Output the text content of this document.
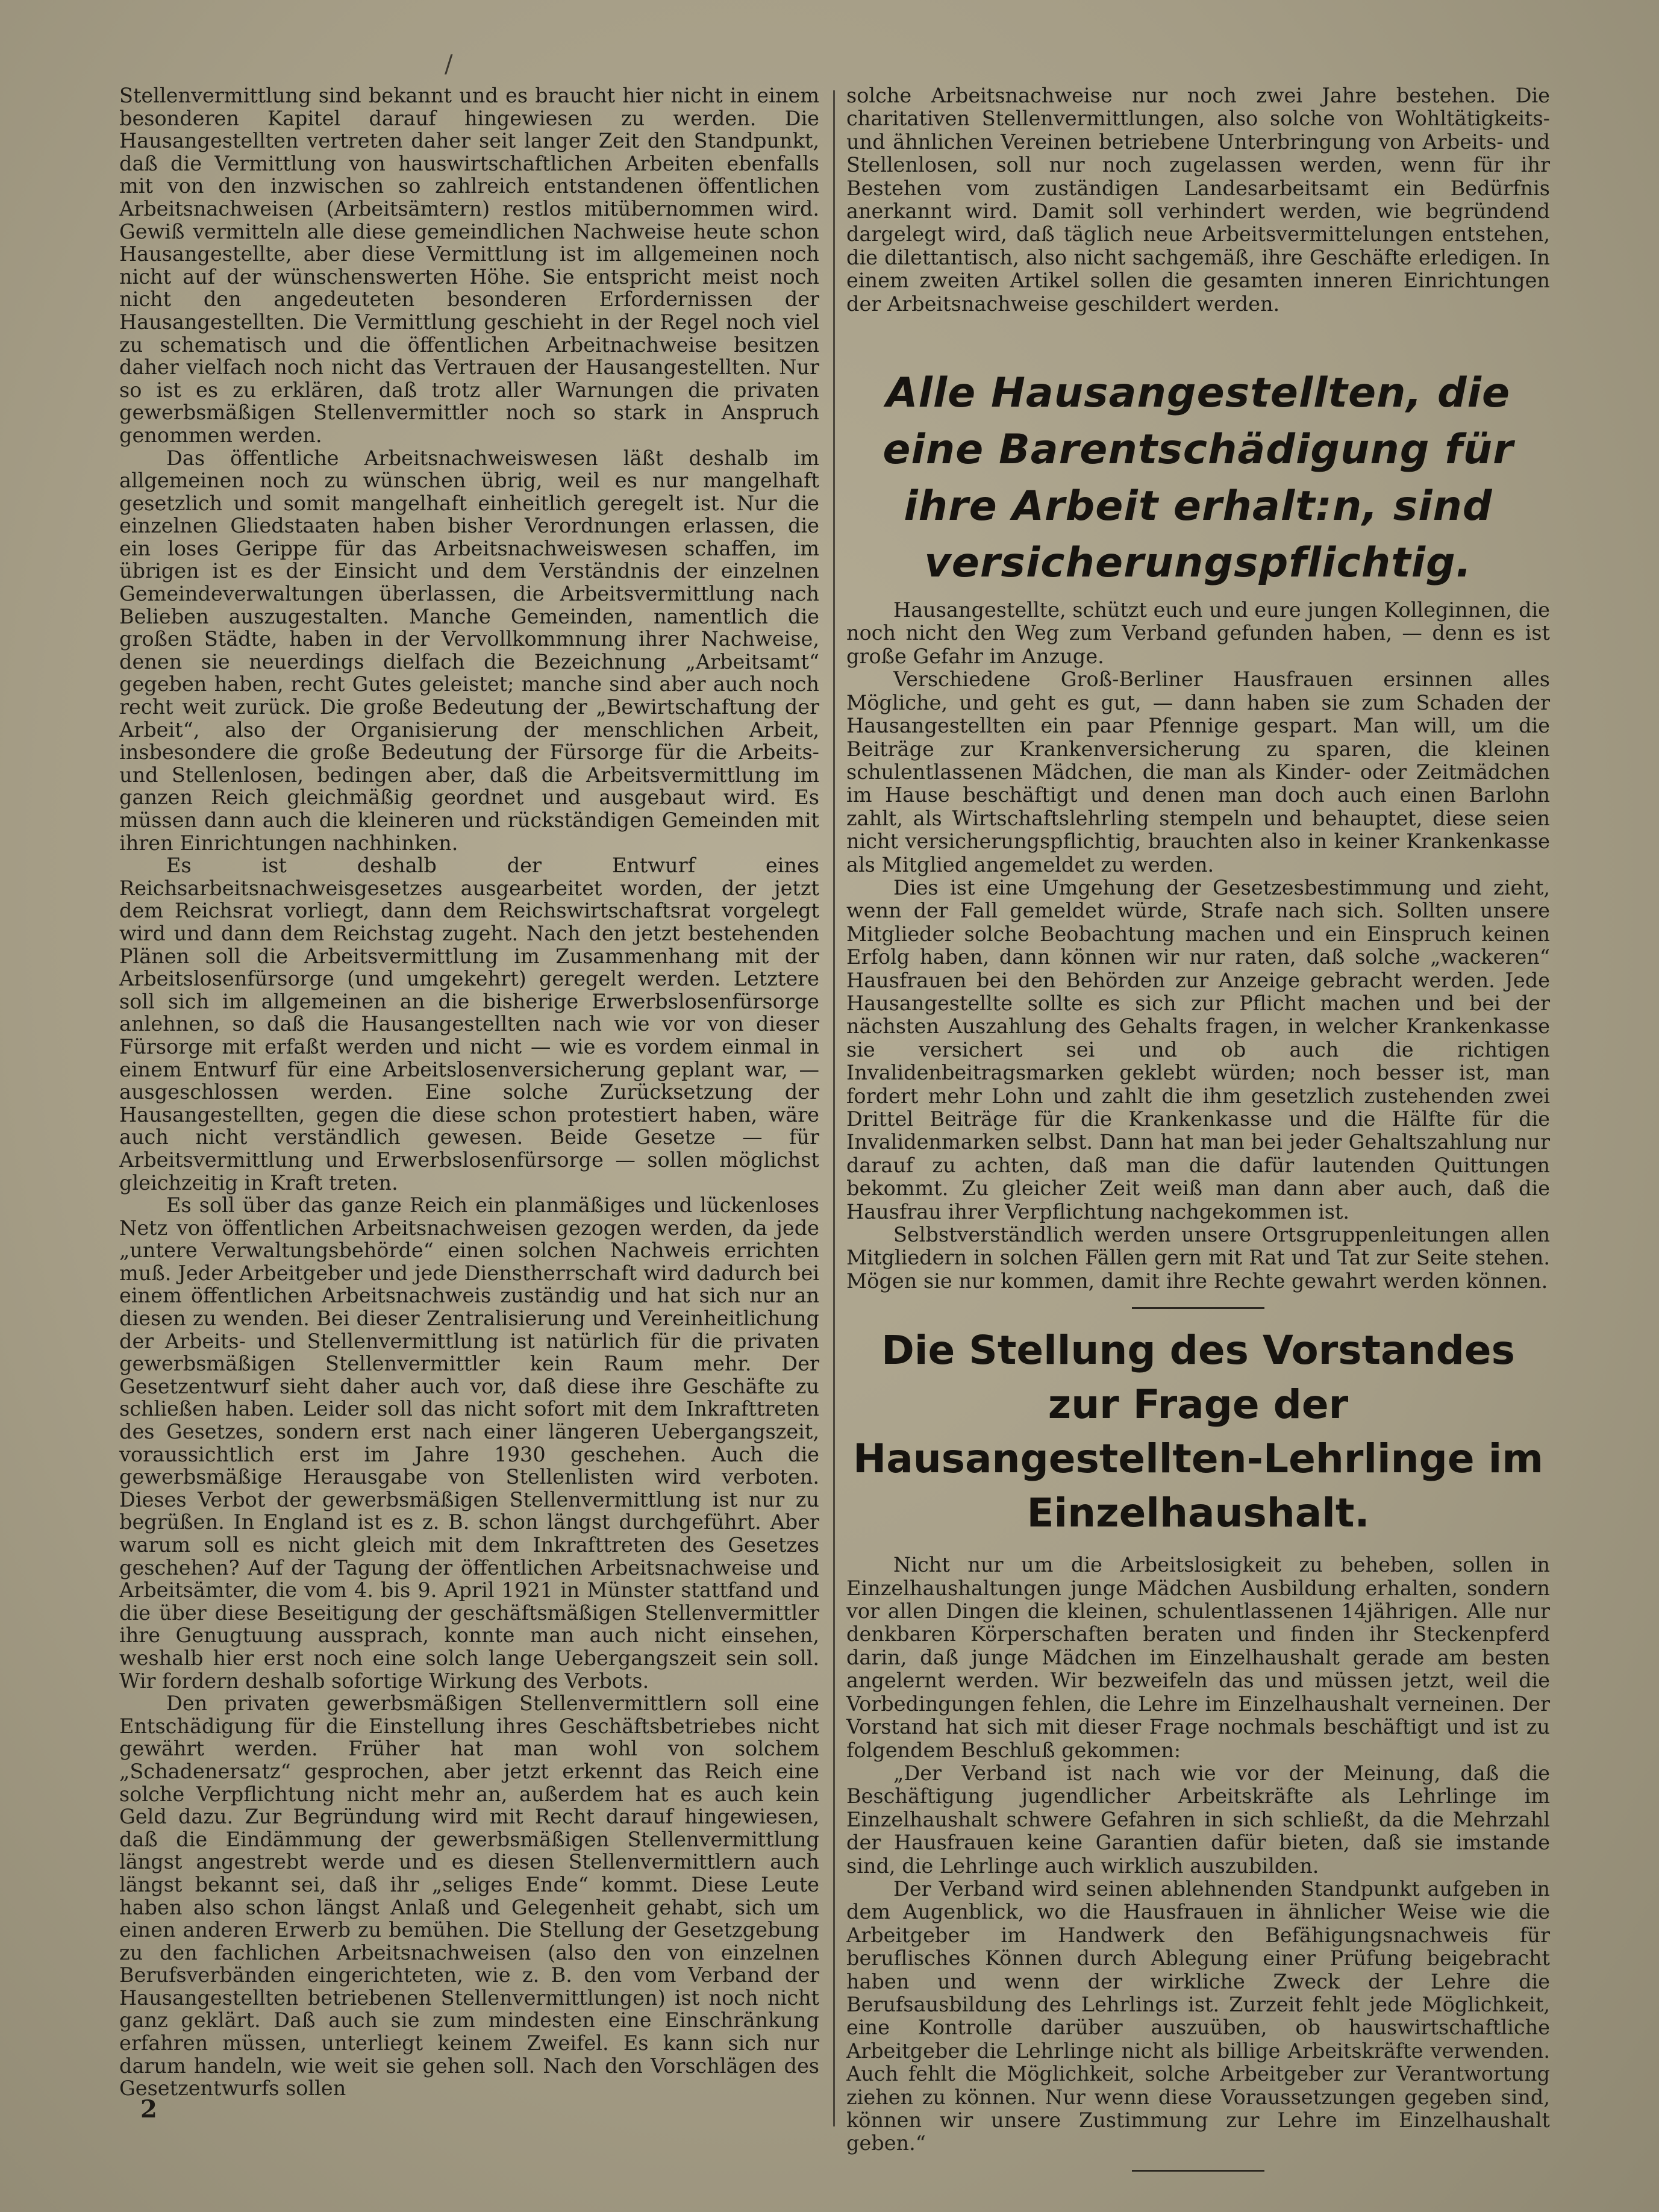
/

Stellenvermittlung sind bekannt und es braucht hier nicht in einem besonderen Kapitel darauf hingewiesen zu werden. Die Hausangestellten vertreten daher seit langer Zeit den Standpunkt, daß die Vermittlung von hauswirtschaftlichen Arbeiten ebenfalls mit von den inzwischen so zahlreich entstandenen öffentlichen Arbeitsnachweisen (Arbeitsämtern) restlos mitübernommen wird. Gewiß vermitteln alle diese gemeindlichen Nachweise heute schon Hausangestellte, aber diese Vermittlung ist im allgemeinen noch nicht auf der wünschenswerten Höhe. Sie entspricht meist noch nicht den angedeuteten besonderen Erfordernissen der Hausangestellten. Die Vermittlung geschieht in der Regel noch viel zu schematisch und die öffentlichen Arbeitnachweise besitzen daher vielfach noch nicht das Vertrauen der Hausangestellten. Nur so ist es zu erklären, daß trotz aller Warnungen die privaten gewerbsmäßigen Stellenvermittler noch so stark in Anspruch genommen werden.

Das öffentliche Arbeitsnachweiswesen läßt deshalb im allgemeinen noch zu wünschen übrig, weil es nur mangelhaft gesetzlich und somit mangelhaft einheitlich geregelt ist. Nur die einzelnen Gliedstaaten haben bisher Verordnungen erlassen, die ein loses Gerippe für das Arbeitsnachweiswesen schaffen, im übrigen ist es der Einsicht und dem Verständnis der einzelnen Gemeindeverwaltungen überlassen, die Arbeitsvermittlung nach Belieben auszugestalten. Manche Gemeinden, namentlich die großen Städte, haben in der Vervollkommnung ihrer Nachweise, denen sie neuerdings dielfach die Bezeichnung „Arbeitsamt“ gegeben haben, recht Gutes geleistet; manche sind aber auch noch recht weit zurück. Die große Bedeutung der „Bewirtschaftung der Arbeit“, also der Organisierung der menschlichen Arbeit, insbesondere die große Bedeutung der Fürsorge für die Arbeits- und Stellenlosen, bedingen aber, daß die Arbeitsvermittlung im ganzen Reich gleichmäßig geordnet und ausgebaut wird. Es müssen dann auch die kleineren und rückständigen Gemeinden mit ihren Einrichtungen nachhinken.

Es ist deshalb der Entwurf eines Reichsarbeitsnachweisgesetzes ausgearbeitet worden, der jetzt dem Reichsrat vorliegt, dann dem Reichswirtschaftsrat vorgelegt wird und dann dem Reichstag zugeht. Nach den jetzt bestehenden Plänen soll die Arbeitsvermittlung im Zusammenhang mit der Arbeitslosenfürsorge (und umgekehrt) geregelt werden. Letztere soll sich im allgemeinen an die bisherige Erwerbslosenfürsorge anlehnen, so daß die Hausangestellten nach wie vor von dieser Fürsorge mit erfaßt werden und nicht — wie es vordem einmal in einem Entwurf für eine Arbeitslosenversicherung geplant war, — ausgeschlossen werden. Eine solche Zurücksetzung der Hausangestellten, gegen die diese schon protestiert haben, wäre auch nicht verständlich gewesen. Beide Gesetze — für Arbeitsvermittlung und Erwerbslosenfürsorge — sollen möglichst gleichzeitig in Kraft treten.

Es soll über das ganze Reich ein planmäßiges und lückenloses Netz von öffentlichen Arbeitsnachweisen gezogen werden, da jede „untere Verwaltungsbehörde“ einen solchen Nachweis errichten muß. Jeder Arbeitgeber und jede Dienstherrschaft wird dadurch bei einem öffentlichen Arbeitsnachweis zuständig und hat sich nur an diesen zu wenden. Bei dieser Zentralisierung und Vereinheitlichung der Arbeits- und Stellenvermittlung ist natürlich für die privaten gewerbsmäßigen Stellenvermittler kein Raum mehr. Der Gesetzentwurf sieht daher auch vor, daß diese ihre Geschäfte zu schließen haben. Leider soll das nicht sofort mit dem Inkrafttreten des Gesetzes, sondern erst nach einer längeren Uebergangszeit, voraussichtlich erst im Jahre 1930 geschehen. Auch die gewerbsmäßige Herausgabe von Stellenlisten wird verboten. Dieses Verbot der gewerbsmäßigen Stellenvermittlung ist nur zu begrüßen. In England ist es z. B. schon längst durchgeführt. Aber warum soll es nicht gleich mit dem Inkrafttreten des Gesetzes geschehen? Auf der Tagung der öffentlichen Arbeitsnachweise und Arbeitsämter, die vom 4. bis 9. April 1921 in Münster stattfand und die über diese Beseitigung der geschäftsmäßigen Stellenvermittler ihre Genugtuung aussprach, konnte man auch nicht einsehen, weshalb hier erst noch eine solch lange Uebergangszeit sein soll. Wir fordern deshalb sofortige Wirkung des Verbots.

Den privaten gewerbsmäßigen Stellenvermittlern soll eine Entschädigung für die Einstellung ihres Geschäftsbetriebes nicht gewährt werden. Früher hat man wohl von solchem „Schadenersatz“ gesprochen, aber jetzt erkennt das Reich eine solche Verpflichtung nicht mehr an, außerdem hat es auch kein Geld dazu. Zur Begründung wird mit Recht darauf hingewiesen, daß die Eindämmung der gewerbsmäßigen Stellenvermittlung längst angestrebt werde und es diesen Stellenvermittlern auch längst bekannt sei, daß ihr „seliges Ende“ kommt. Diese Leute haben also schon längst Anlaß und Gelegenheit gehabt, sich um einen anderen Erwerb zu bemühen. Die Stellung der Gesetzgebung zu den fachlichen Arbeitsnachweisen (also den von einzelnen Berufsverbänden eingerichteten, wie z. B. den vom Verband der Hausangestellten betriebenen Stellenvermittlungen) ist noch nicht ganz geklärt. Daß auch sie zum mindesten eine Einschränkung erfahren müssen, unterliegt keinem Zweifel. Es kann sich nur darum handeln, wie weit sie gehen soll. Nach den Vorschlägen des Gesetzentwurfs sollen

solche Arbeitsnachweise nur noch zwei Jahre bestehen. Die charitativen Stellenvermittlungen, also solche von Wohltätigkeits- und ähnlichen Vereinen betriebene Unterbringung von Arbeits- und Stellenlosen, soll nur noch zugelassen werden, wenn für ihr Bestehen vom zuständigen Landesarbeitsamt ein Bedürfnis anerkannt wird. Damit soll verhindert werden, wie begründend dargelegt wird, daß täglich neue Arbeitsvermittelungen entstehen, die dilettantisch, also nicht sachgemäß, ihre Geschäfte erledigen. In einem zweiten Artikel sollen die gesamten inneren Einrichtungen der Arbeitsnachweise geschildert werden.

Alle Hausangestellten, die eine Barentschädigung für ihre Arbeit erhalt:n, sind versicherungspflichtig.

Hausangestellte, schützt euch und eure jungen Kolleginnen, die noch nicht den Weg zum Verband gefunden haben, — denn es ist große Gefahr im Anzuge.

Verschiedene Groß-Berliner Hausfrauen ersinnen alles Mögliche, und geht es gut, — dann haben sie zum Schaden der Hausangestellten ein paar Pfennige gespart. Man will, um die Beiträge zur Krankenversicherung zu sparen, die kleinen schulentlassenen Mädchen, die man als Kinder- oder Zeitmädchen im Hause beschäftigt und denen man doch auch einen Barlohn zahlt, als Wirtschaftslehrling stempeln und behauptet, diese seien nicht versicherungspflichtig, brauchten also in keiner Krankenkasse als Mitglied angemeldet zu werden.

Dies ist eine Umgehung der Gesetzesbestimmung und zieht, wenn der Fall gemeldet würde, Strafe nach sich. Sollten unsere Mitglieder solche Beobachtung machen und ein Einspruch keinen Erfolg haben, dann können wir nur raten, daß solche „wackeren“ Hausfrauen bei den Behörden zur Anzeige gebracht werden. Jede Hausangestellte sollte es sich zur Pflicht machen und bei der nächsten Auszahlung des Gehalts fragen, in welcher Krankenkasse sie versichert sei und ob auch die richtigen Invalidenbeitragsmarken geklebt würden; noch besser ist, man fordert mehr Lohn und zahlt die ihm gesetzlich zustehenden zwei Drittel Beiträge für die Krankenkasse und die Hälfte für die Invalidenmarken selbst. Dann hat man bei jeder Gehaltszahlung nur darauf zu achten, daß man die dafür lautenden Quittungen bekommt. Zu gleicher Zeit weiß man dann aber auch, daß die Hausfrau ihrer Verpflichtung nachgekommen ist.

Selbstverständlich werden unsere Ortsgruppenleitungen allen Mitgliedern in solchen Fällen gern mit Rat und Tat zur Seite stehen. Mögen sie nur kommen, damit ihre Rechte gewahrt werden können.

Die Stellung des Vorstandes zur Frage der Hausangestellten-Lehrlinge im Einzelhaushalt.

Nicht nur um die Arbeitslosigkeit zu beheben, sollen in Einzelhaushaltungen junge Mädchen Ausbildung erhalten, sondern vor allen Dingen die kleinen, schulentlassenen 14jährigen. Alle nur denkbaren Körperschaften beraten und finden ihr Steckenpferd darin, daß junge Mädchen im Einzelhaushalt gerade am besten angelernt werden. Wir bezweifeln das und müssen jetzt, weil die Vorbedingungen fehlen, die Lehre im Einzelhaushalt verneinen. Der Vorstand hat sich mit dieser Frage nochmals beschäftigt und ist zu folgendem Beschluß gekommen:

„Der Verband ist nach wie vor der Meinung, daß die Beschäftigung jugendlicher Arbeitskräfte als Lehrlinge im Einzelhaushalt schwere Gefahren in sich schließt, da die Mehrzahl der Hausfrauen keine Garantien dafür bieten, daß sie imstande sind, die Lehrlinge auch wirklich auszubilden.

Der Verband wird seinen ablehnenden Standpunkt aufgeben in dem Augenblick, wo die Hausfrauen in ähnlicher Weise wie die Arbeitgeber im Handwerk den Befähigungsnachweis für beruflisches Können durch Ablegung einer Prüfung beigebracht haben und wenn der wirkliche Zweck der Lehre die Berufsausbildung des Lehrlings ist. Zurzeit fehlt jede Möglichkeit, eine Kontrolle darüber auszuüben, ob hauswirtschaftliche Arbeitgeber die Lehrlinge nicht als billige Arbeitskräfte verwenden. Auch fehlt die Möglichkeit, solche Arbeitgeber zur Verantwortung ziehen zu können. Nur wenn diese Voraussetzungen gegeben sind, können wir unsere Zustimmung zur Lehre im Einzelhaushalt geben.“

2
